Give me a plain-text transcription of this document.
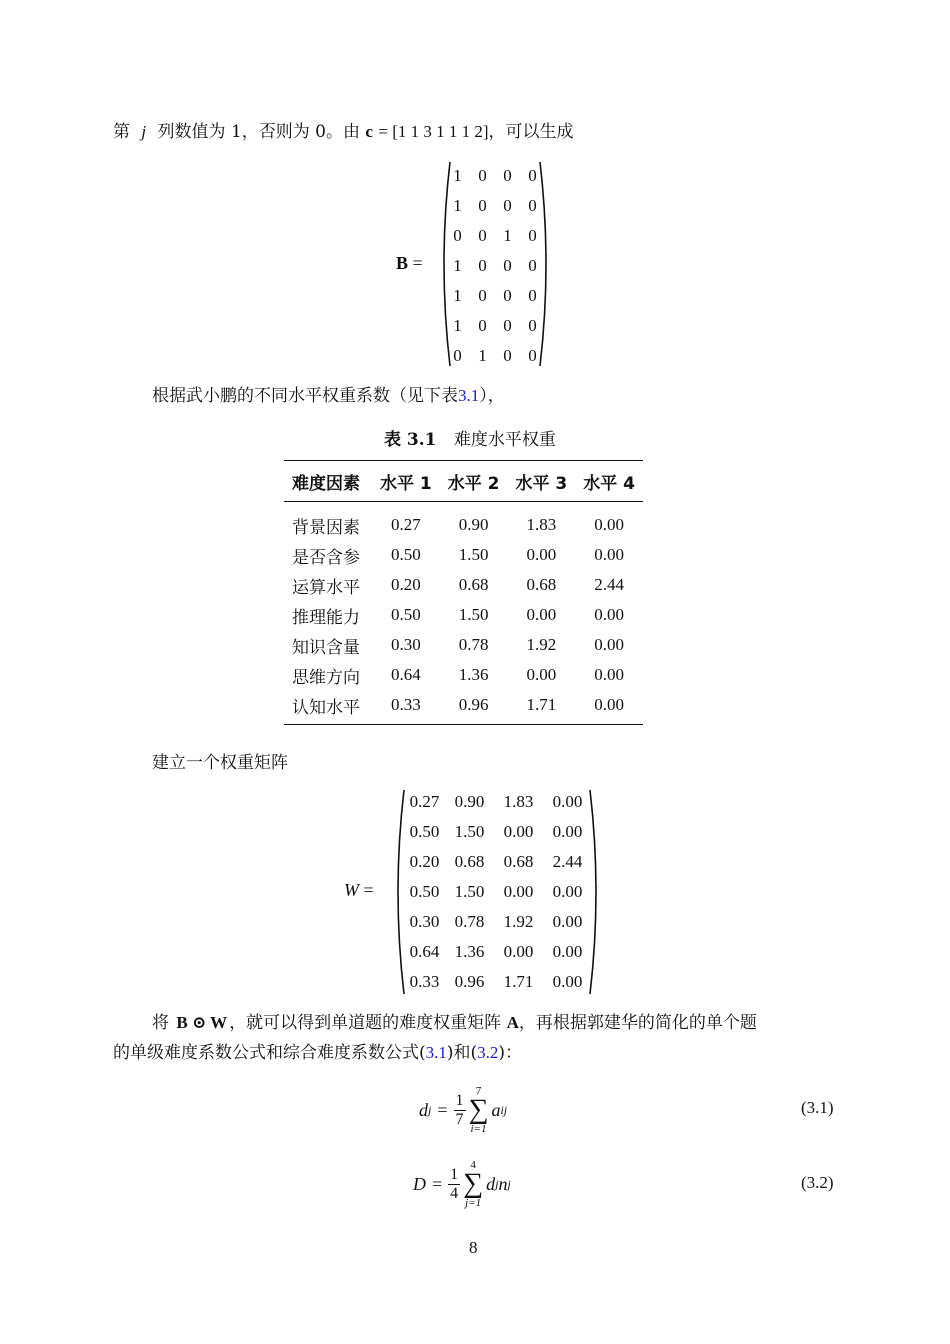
第 j 列数值为 1，否则为 0。由 c = [1 1 3 1 1 1 2]，可以生成
B =
1 0 0 0
1 0 0 0
0 0 1 0
1 0 0 0
1 0 0 0
1 0 0 0
0 1 0 0
根据武小鹏的不同水平权重系数（见下表3.1），
表 3.1 难度水平权重
难度因素	水平 1	水平 2	水平 3	水平 4
背景因素	0.27	0.90	1.83	0.00
是否含参	0.50	1.50	0.00	0.00
运算水平	0.20	0.68	0.68	2.44
推理能力	0.50	1.50	0.00	0.00
知识含量	0.30	0.78	1.92	0.00
思维方向	0.64	1.36	0.00	0.00
认知水平	0.33	0.96	1.71	0.00
建立一个权重矩阵
W =
0.27 0.90	1.83	0.00
0.50 1.50	0.00	0.00
0.20 0.68	0.68	2.44
0.50 1.50	0.00	0.00
0.30 0.78	1.92	0.00
0.64 1.36	0.00	0.00
0.33 0.96	1.71	0.00
将 B ⊙ W ，就可以得到单道题的难度权重矩阵 A，再根据郭建华的简化的单个题
的单级难度系数公式和综合难度系数公式(3.1)和(3.2)：
d $j = \frac{1}{7}$
7
∑
i=1
a ij	(3.1)
$D = \frac{1}{4}$
4
∑
j=1
d j n j	(3.2)
8
